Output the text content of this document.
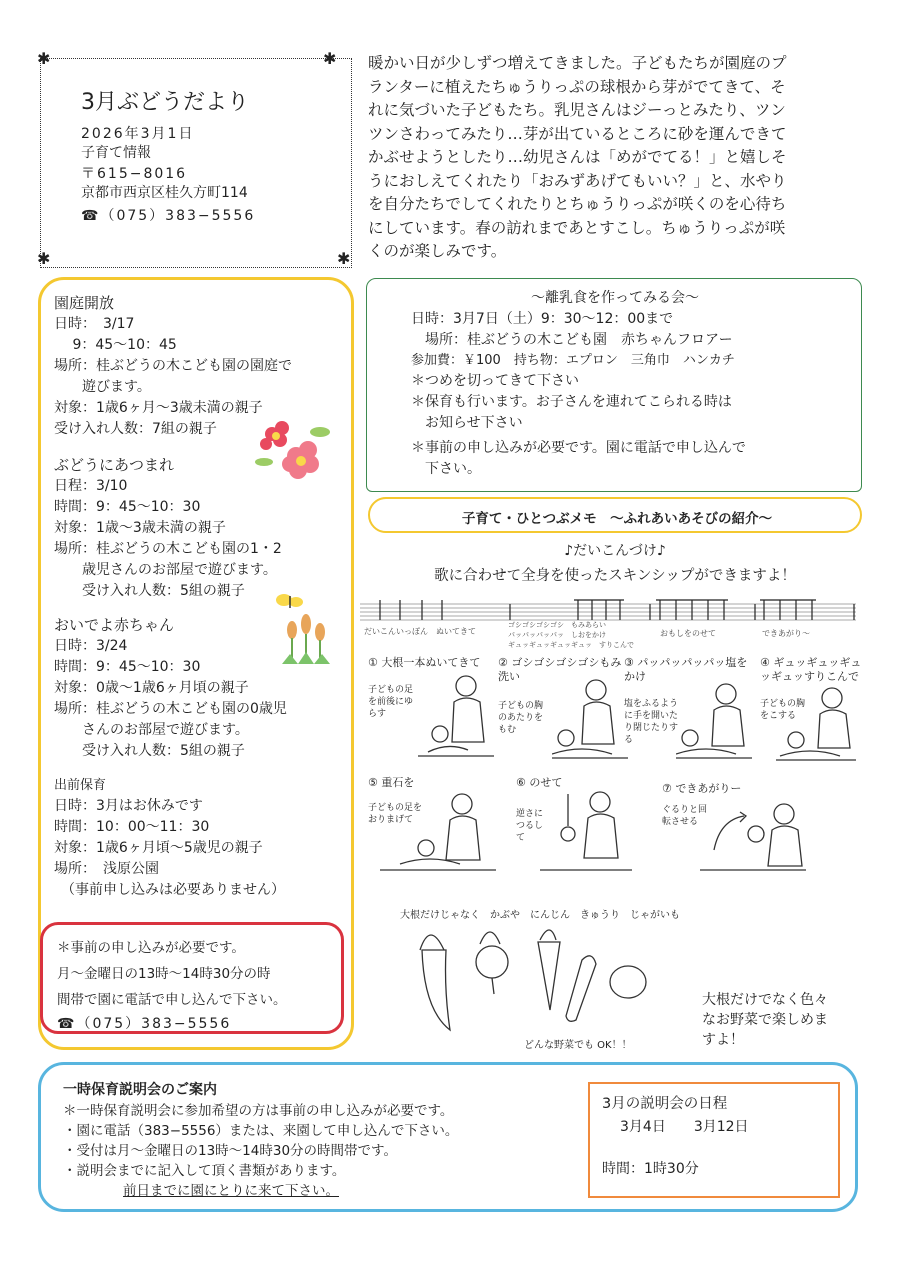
✱	✱
✱	✱
3月ぶどうだより
2026年3月1日
子育て情報
〒615−8016
京都市西京区桂久方町114
☎（075）383−5556
暖かい日が少しずつ増えてきました。子どもたちが園庭のプ
ランターに植えたちゅうりっぷの球根から芽がでてきて、そ
れに気づいた子どもたち。乳児さんはジーっとみたり、ツン
ツンさわってみたり…芽が出ているところに砂を運んできて
かぶせようとしたり…幼児さんは「めがでてる！」と嬉しそ
うにおしえてくれたり「おみずあげてもいい？」と、水やり
を自分たちでしてくれたりとちゅうりっぷが咲くのを心待ち
にしています。春の訪れまであとすこし。ちゅうりっぷが咲
くのが楽しみです。
園庭開放
日時：　3/17
　 9：45〜10：45
場所：桂ぶどうの木こども園の園庭で
　　遊びます。
対象：1歳6ヶ月〜3歳未満の親子
受け入れ人数：7組の親子
ぶどうにあつまれ
日程：3/10
時間：9：45〜10：30
対象：1歳〜3歳未満の親子
場所：桂ぶどうの木こども園の1・2
　　歳児さんのお部屋で遊びます。
　　受け入れ人数：5組の親子
おいでよ赤ちゃん
日時：3/24
時間：9：45〜10：30
対象：0歳〜1歳6ヶ月頃の親子
場所：桂ぶどうの木こども園の0歳児
　　さんのお部屋で遊びます。
　　受け入れ人数：5組の親子
出前保育
日時：3月はお休みです
時間：10：00〜11：30
対象：1歳6ヶ月頃〜5歳児の親子
場所：　浅原公園
　（事前申し込みは必要ありません）
＊事前の申し込みが必要です。
月〜金曜日の13時〜14時30分の時
間帯で園に電話で申し込んで下さい。
☎（075）383−5556
〜離乳食を作ってみる会〜
日時：3月7日（土）9：30〜12：00まで
　場所：桂ぶどうの木こども園　赤ちゃんフロアー
参加費：￥100　持ち物：エプロン　三角巾　ハンカチ
＊つめを切ってきて下さい
＊保育も行います。お子さんを連れてこられる時は
　お知らせ下さい
＊事前の申し込みが必要です。園に電話で申し込んで
　下さい。
子育て・ひとつぶメモ　〜ふれあいあそびの紹介〜
♪だいこんづけ♪
歌に合わせて全身を使ったスキンシップができますよ！
だいこんいっぽん　ぬいてきて
ゴシゴシゴシゴシ　もみあらい
パッパッパッパッ　しおをかけ
ギュッギュッギュッギュッ　すりこんで
おもしをのせて	できあがり〜
① 大根一本ぬいてきて
子どもの足を前後にゆらす
② ゴシゴシゴシゴシもみ洗い
子どもの胸のあたりをもむ
③ パッパッパッパッ塩をかけ
塩をふるように手を開いたり閉じたりする
④ ギュッギュッギュッギュッすりこんで
子どもの胸をこする
⑤ 重石を
子どもの足をおりまげて
⑥ のせて
逆さにつるして
⑦ できあがりー
ぐるりと回転させる
大根だけじゃなく　かぶや　にんじん　きゅうり　じゃがいも
どんな野菜でも OK！！
大根だけでなく色々
なお野菜で楽しめま
すよ！
一時保育説明会のご案内
＊一時保育説明会に参加希望の方は事前の申し込みが必要です。
・園に電話（383−5556）または、来園して申し込んで下さい。
・受付は月〜金曜日の13時〜14時30分の時間帯です。
・説明会までに記入して頂く書類があります。
前日までに園にとりに来て下さい。
3月の説明会の日程
3月4日　　3月12日
時間：1時30分
